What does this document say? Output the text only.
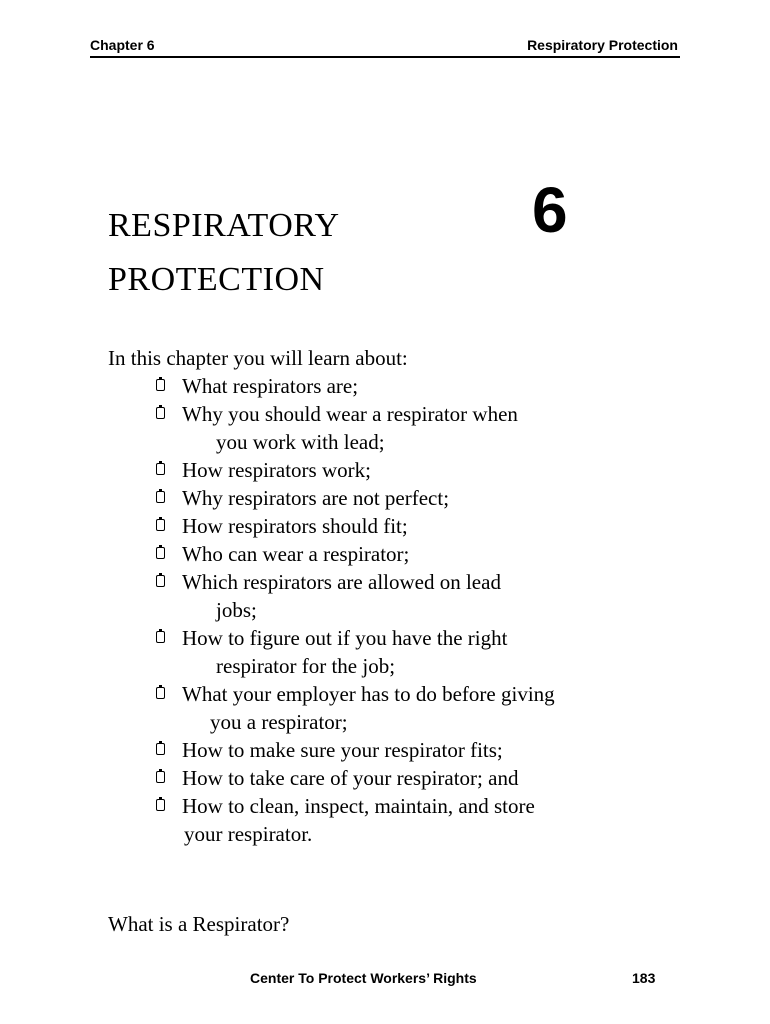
Chapter 6	Respiratory Protection
RESPIRATORY
PROTECTION
6
In this chapter you will learn about:
What respirators are;
Why you should wear a respirator when
you work with lead;
How respirators work;
Why respirators are not perfect;
How respirators should fit;
Who can wear a respirator;
Which respirators are allowed on lead
jobs;
How to figure out if you have the right
respirator for the job;
What your employer has to do before giving
you a respirator;
How to make sure your respirator fits;
How to take care of your respirator; and
How to clean, inspect, maintain, and store
your respirator.
What is a Respirator?
Center To Protect Workers’ Rights	183
